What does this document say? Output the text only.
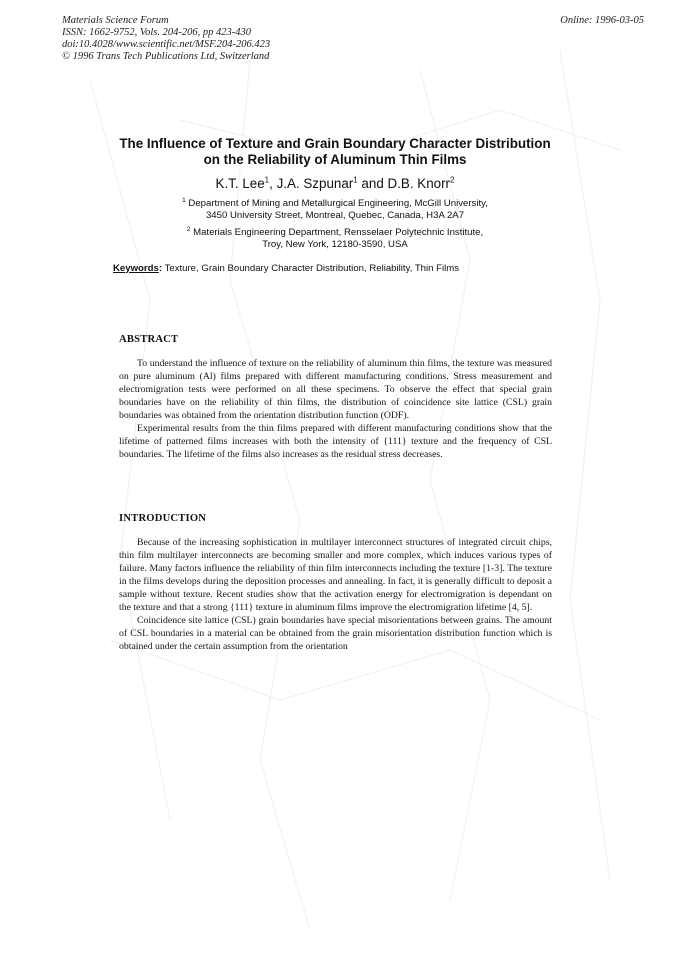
Materials Science Forum
ISSN: 1662-9752, Vols. 204-206, pp 423-430
doi:10.4028/www.scientific.net/MSF.204-206.423
© 1996 Trans Tech Publications Ltd, Switzerland
Online: 1996-03-05
The Influence of Texture and Grain Boundary Character Distribution
on the Reliability of Aluminum Thin Films
K.T. Lee$^1$, J.A. Szpunar$^1$ and D.B. Knorr$^2$
$^1$ Department of Mining and Metallurgical Engineering, McGill University,
3450 University Street, Montreal, Quebec, Canada, H3A 2A7
$^2$ Materials Engineering Department, Rensselaer Polytechnic Institute,
Troy, New York, 12180-3590, USA
Keywords: Texture, Grain Boundary Character Distribution, Reliability, Thin Films
ABSTRACT

To understand the influence of texture on the reliability of aluminum thin films, the texture was measured on pure aluminum (Al) films prepared with different manufacturing conditions. Stress measurement and electromigration tests were performed on all these specimens. To observe the effect that special grain boundaries have on the reliability of thin films, the distribution of coincidence site lattice (CSL) grain boundaries was obtained from the orientation distribution function (ODF).

Experimental results from the thin films prepared with different manufacturing conditions show that the lifetime of patterned films increases with both the intensity of {111} texture and the frequency of CSL boundaries. The lifetime of the films also increases as the residual stress decreases.

INTRODUCTION

Because of the increasing sophistication in multilayer interconnect structures of integrated circuit chips, thin film multilayer interconnects are becoming smaller and more complex, which induces various types of failure. Many factors influence the reliability of thin film interconnects including the texture [1-3]. The texture in the films develops during the deposition processes and annealing. In fact, it is generally difficult to deposit a sample without texture. Recent studies show that the activation energy for electromigration is dependant on the texture and that a strong {111} texture in aluminum films improve the electromigration lifetime [4, 5].

Coincidence site lattice (CSL) grain boundaries have special misorientations between grains. The amount of CSL boundaries in a material can be obtained from the grain misorientation distribution function which is obtained under the certain assumption from the orientation
